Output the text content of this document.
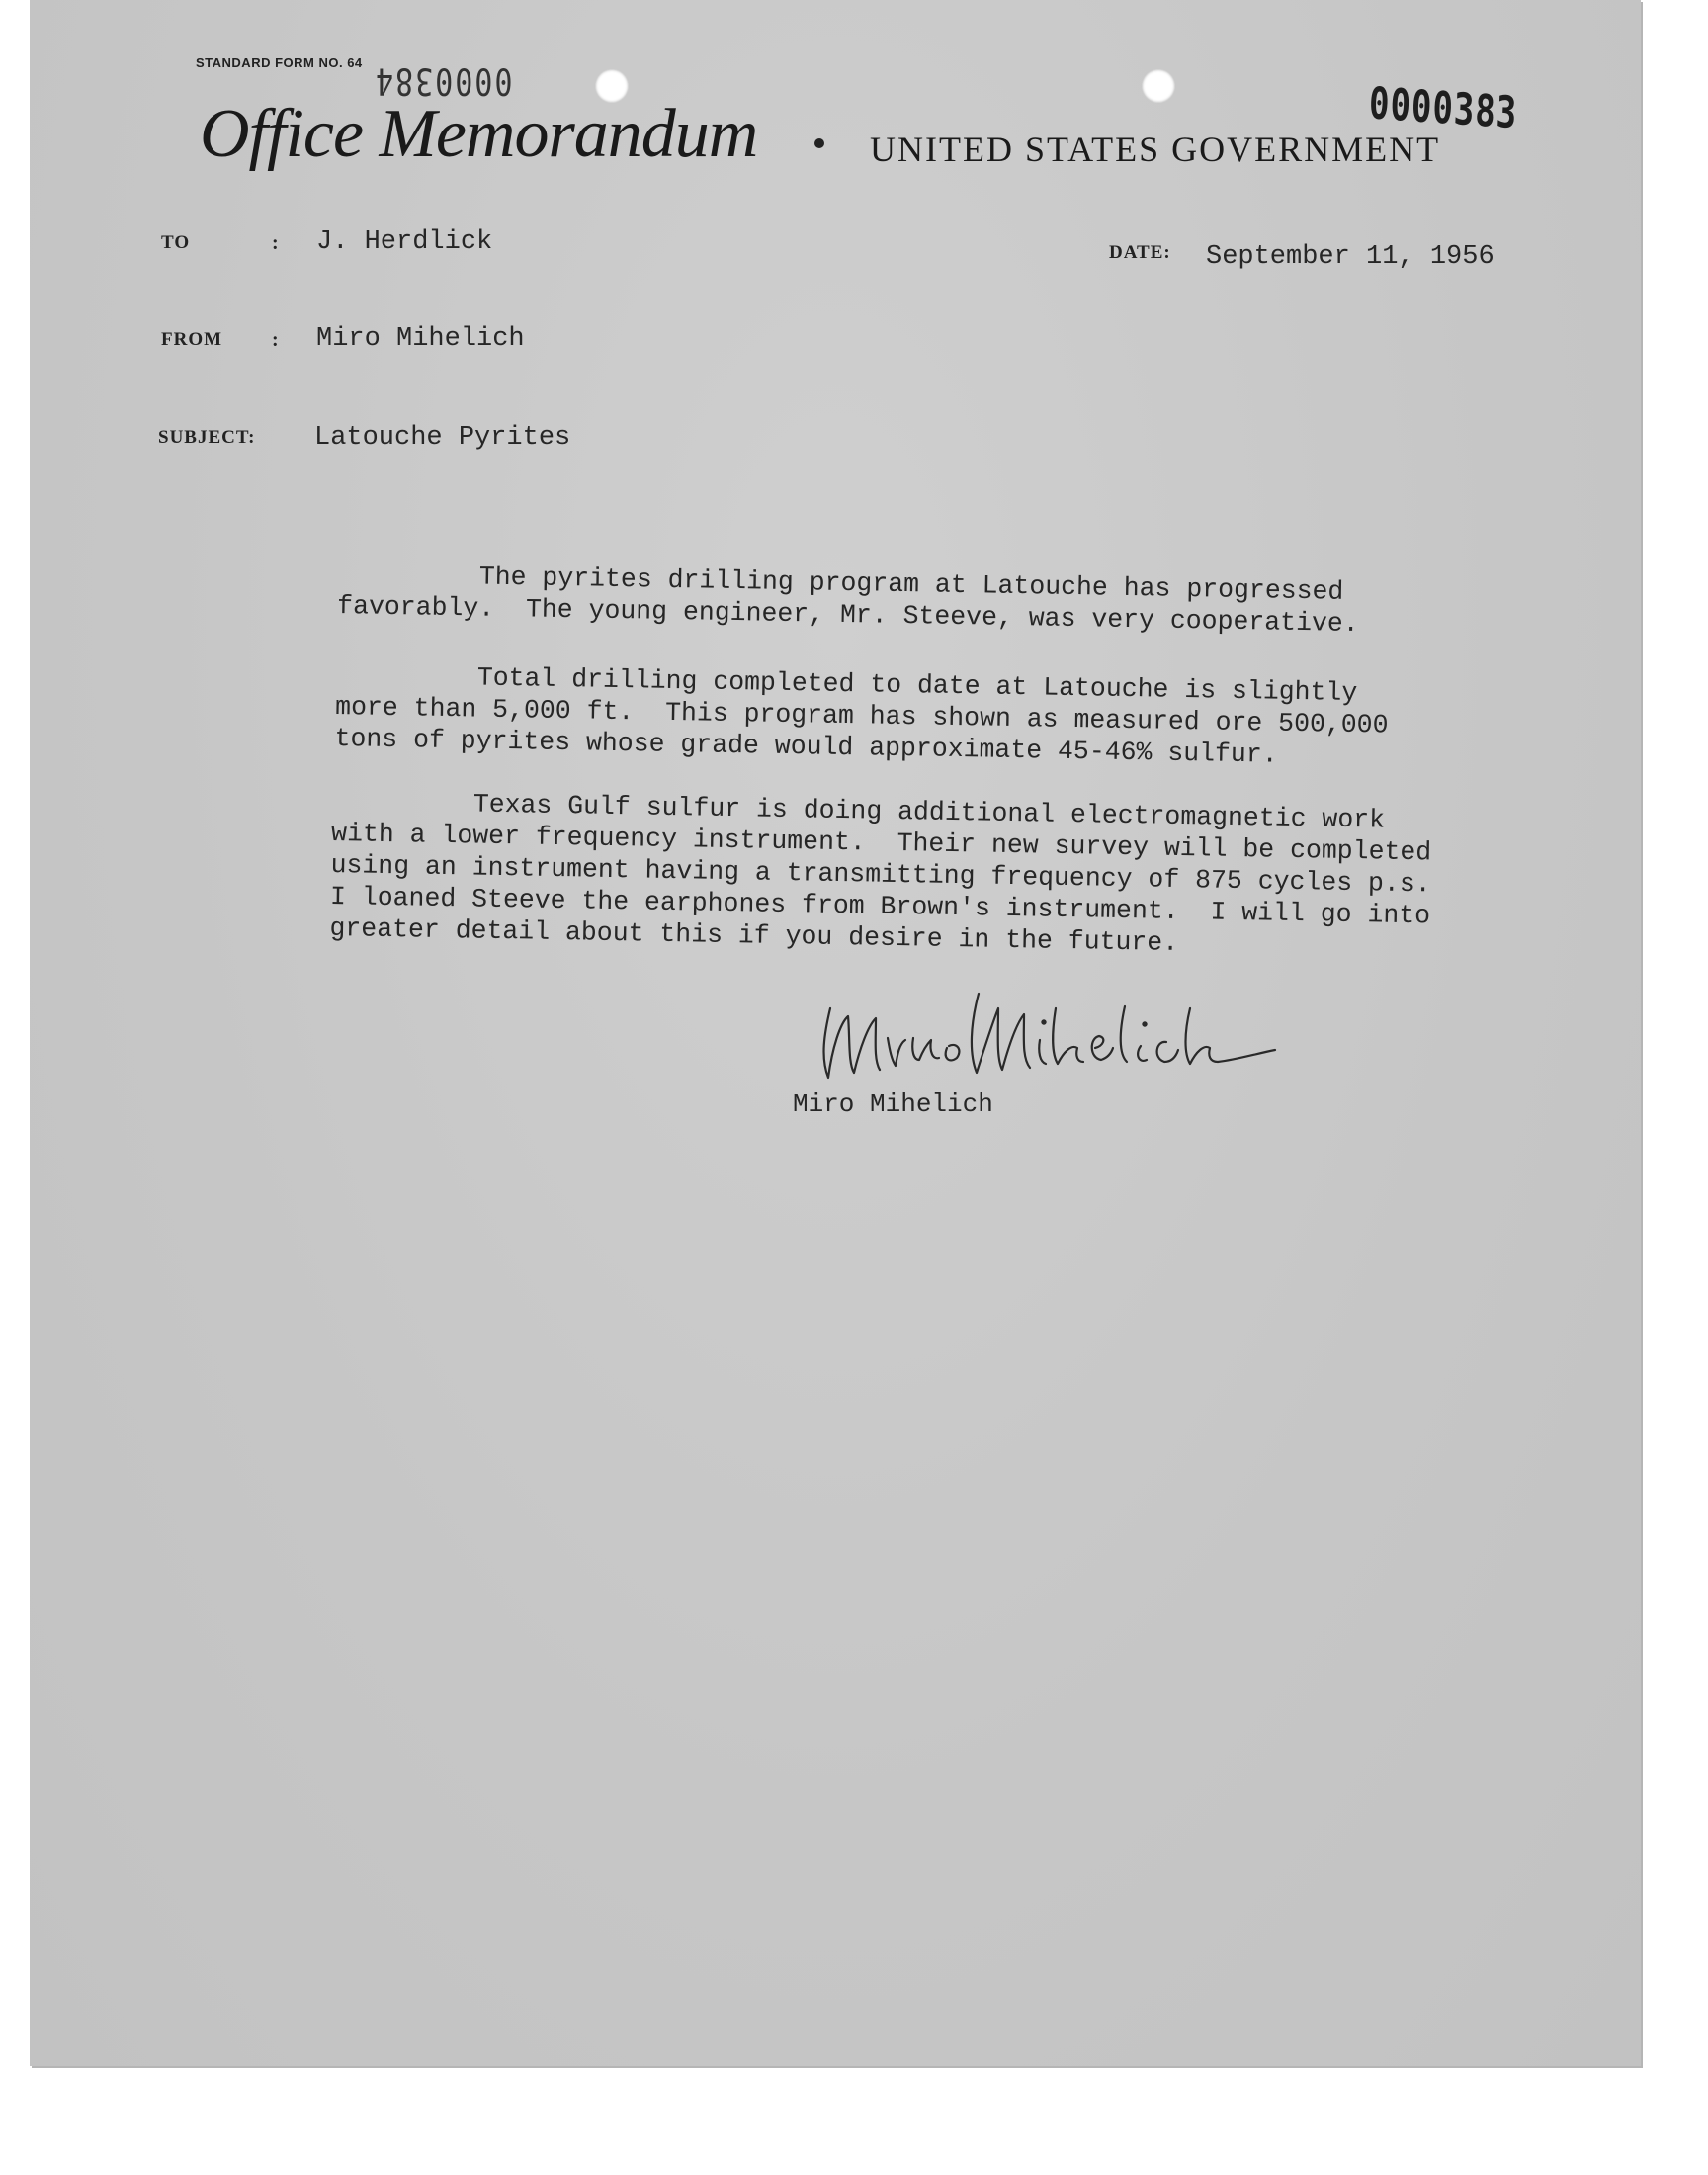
STANDARD FORM NO. 64 0000384	0000383
Office Memorandum	UNITED STATES GOVERNMENT
TO	: J. Herdlick	DATE: September 11, 1956
FROM : Miro Mihelich
SUBJECT: Latouche Pyrites
The pyrites drilling program at Latouche has progressed
favorably.  The young engineer, Mr. Steeve, was very cooperative.
Total drilling completed to date at Latouche is slightly
more than 5,000 ft.  This program has shown as measured ore 500,000
tons of pyrites whose grade would approximate 45-46% sulfur.
Texas Gulf sulfur is doing additional electromagnetic work
with a lower frequency instrument.  Their new survey will be completed
using an instrument having a transmitting frequency of 875 cycles p.s.
I loaned Steeve the earphones from Brown's instrument.  I will go into
greater detail about this if you desire in the future.
Miro Mihelich
